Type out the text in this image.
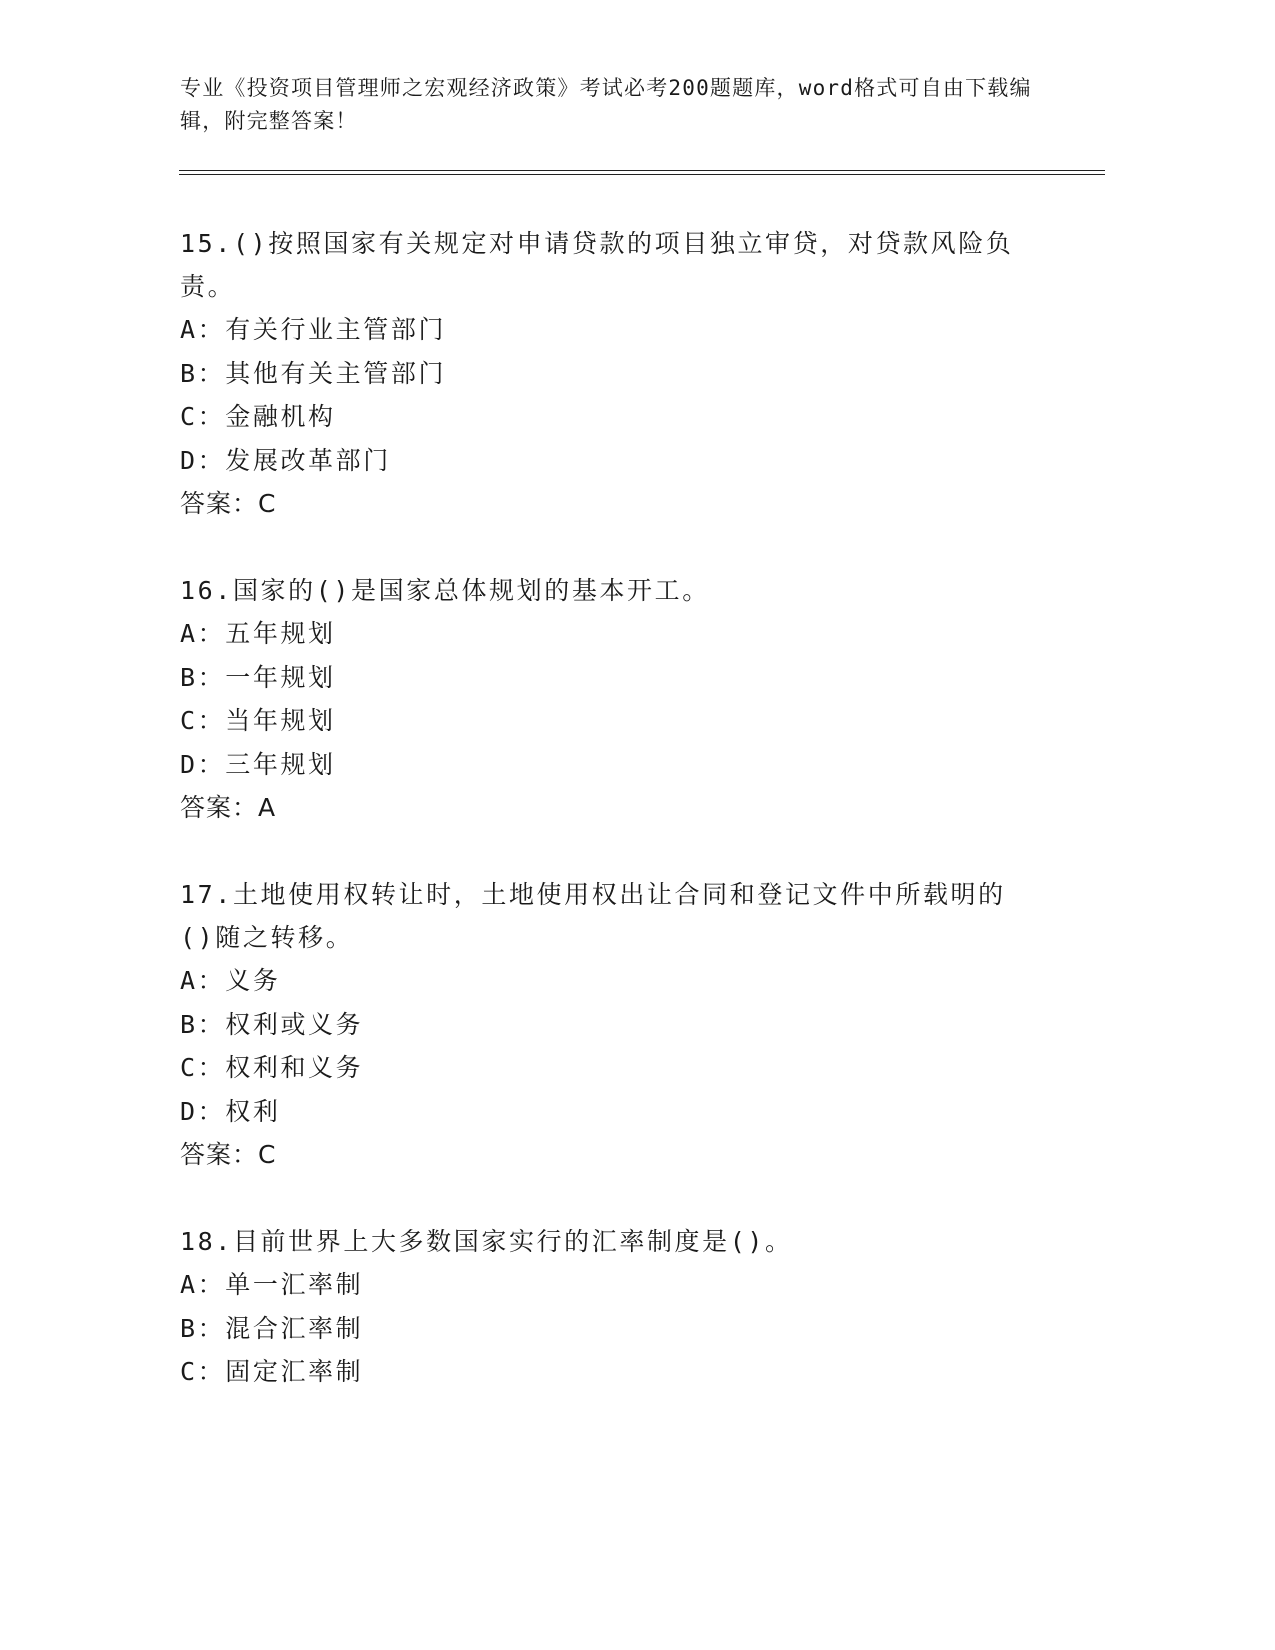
专业《投资项目管理师之宏观经济政策》考试必考200题题库，word格式可自由下载编辑，附完整答案！

15.()按照国家有关规定对申请贷款的项目独立审贷，对贷款风险负责。

A：有关行业主管部门

B：其他有关主管部门

C：金融机构

D：发展改革部门

答案：C

16.国家的()是国家总体规划的基本开工。

A：五年规划

B：一年规划

C：当年规划

D：三年规划

答案：A

17.土地使用权转让时，土地使用权出让合同和登记文件中所载明的()随之转移。

A：义务

B：权利或义务

C：权利和义务

D：权利

答案：C

18.目前世界上大多数国家实行的汇率制度是()。

A：单一汇率制

B：混合汇率制

C：固定汇率制
